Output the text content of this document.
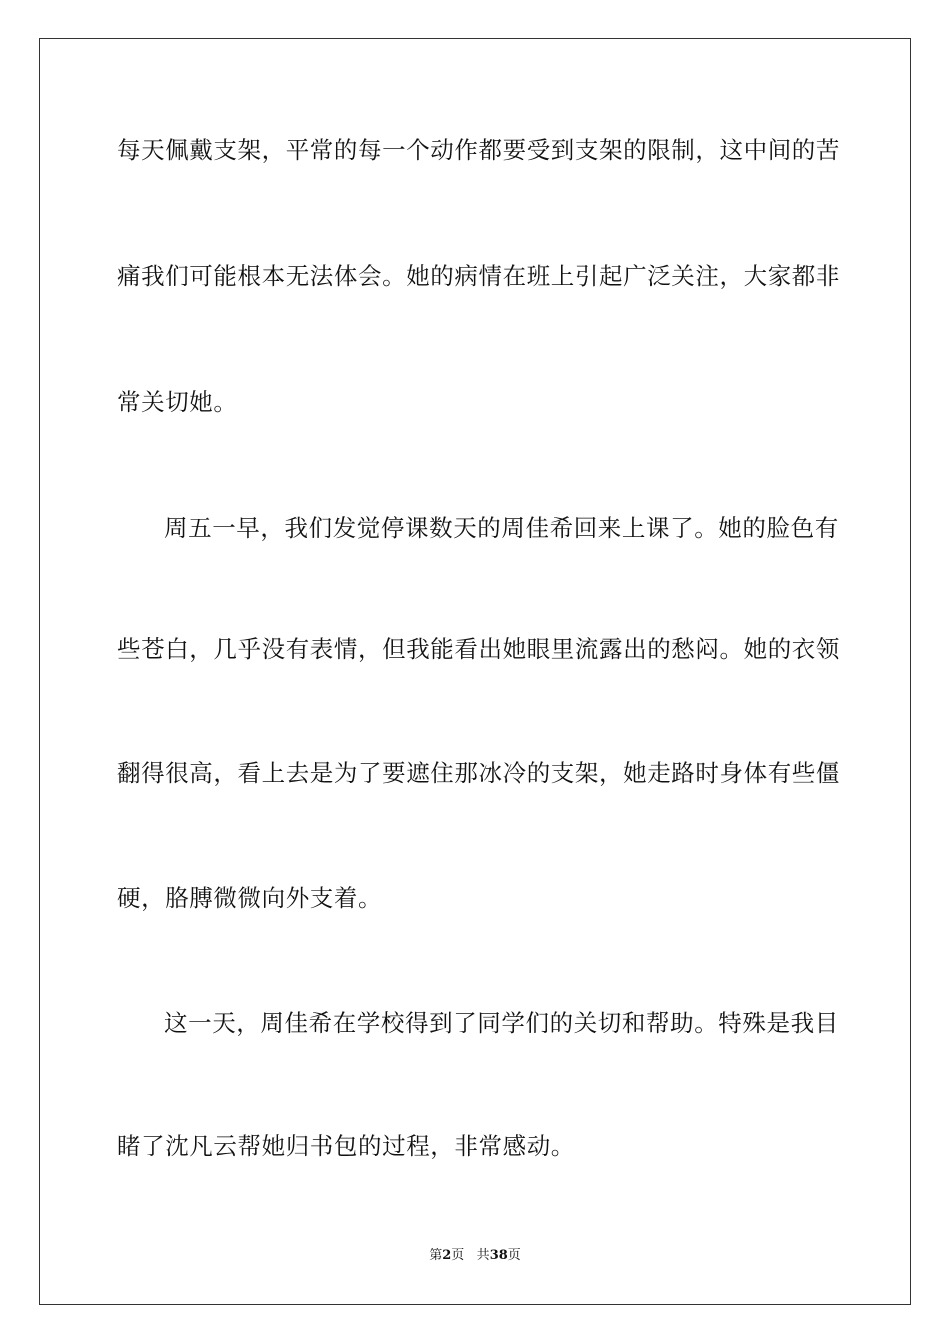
每天佩戴支架，平常的每一个动作都要受到支架的限制，这中间的苦
痛我们可能根本无法体会。她的病情在班上引起广泛关注，大家都非
常关切她。
周五一早，我们发觉停课数天的周佳希回来上课了。她的脸色有
些苍白，几乎没有表情，但我能看出她眼里流露出的愁闷。她的衣领
翻得很高，看上去是为了要遮住那冰冷的支架，她走路时身体有些僵
硬，胳膊微微向外支着。
这一天，周佳希在学校得到了同学们的关切和帮助。特殊是我目
睹了沈凡云帮她归书包的过程，非常感动。
第2页 共38页
